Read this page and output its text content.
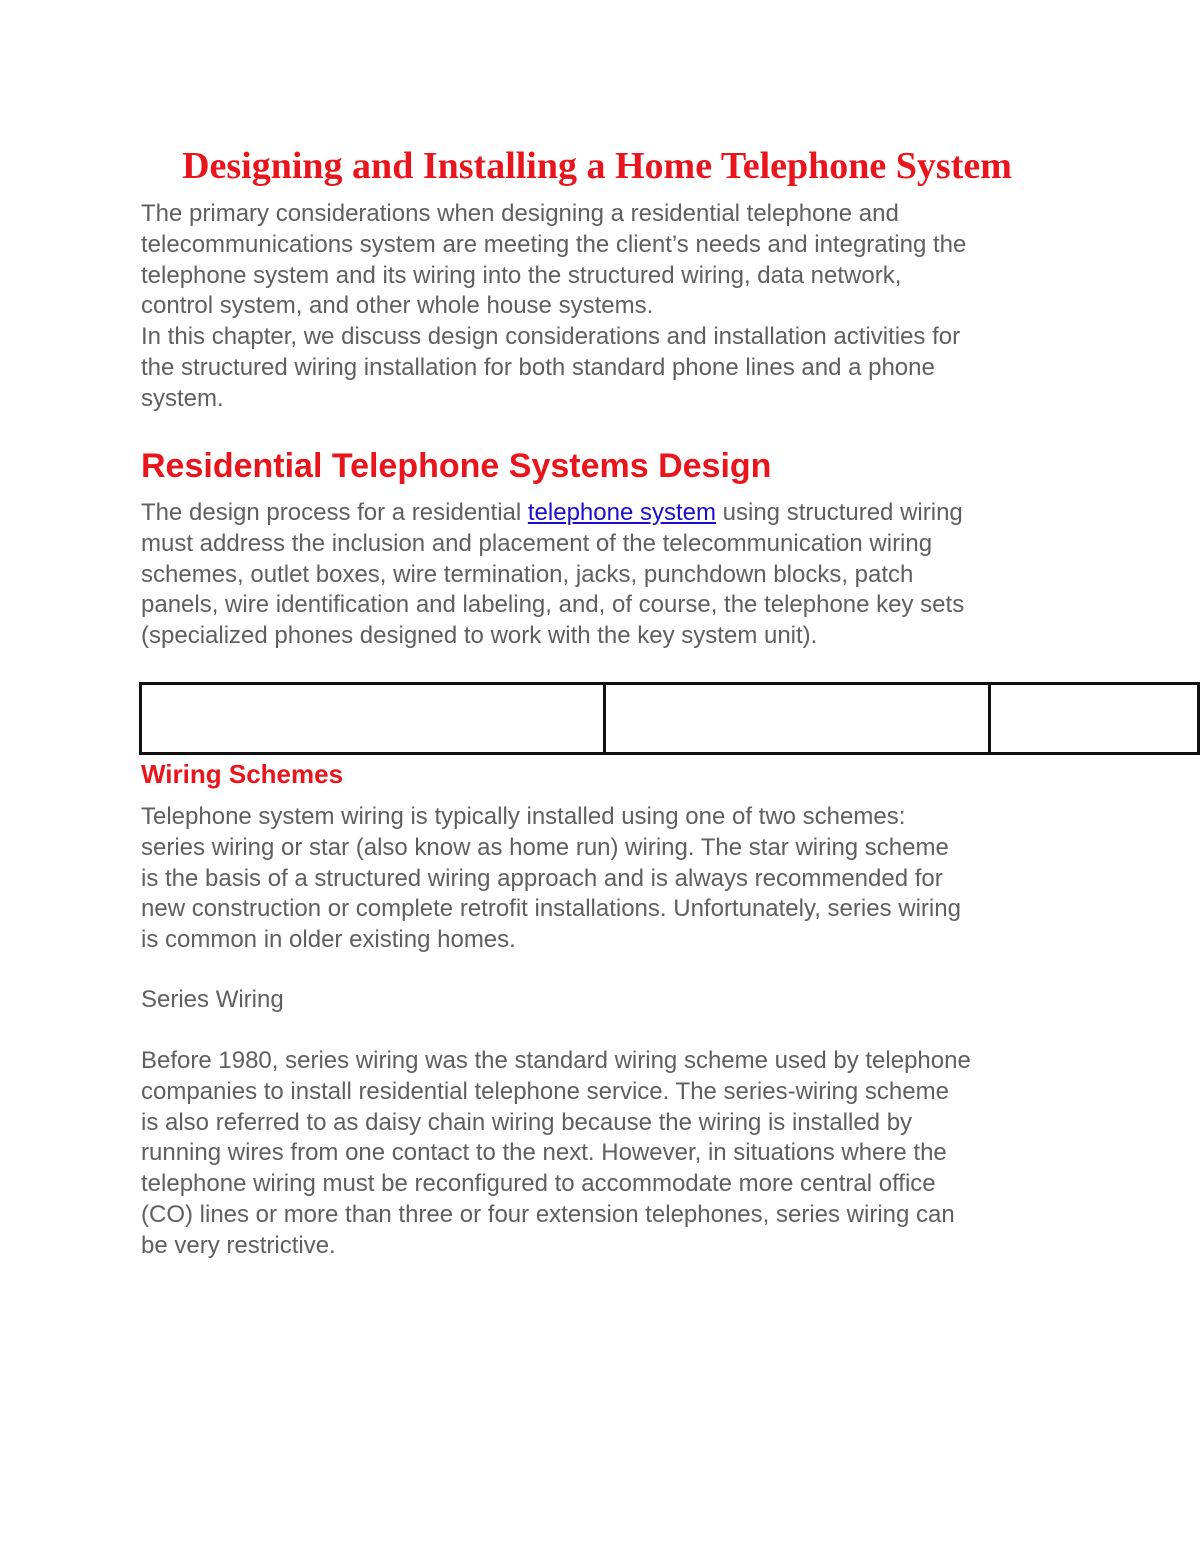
Designing and Installing a Home Telephone System
The primary considerations when designing a residential telephone and
telecommunications system are meeting the client’s needs and integrating the
telephone system and its wiring into the structured wiring, data network,
control system, and other whole house systems.
In this chapter, we discuss design considerations and installation activities for
the structured wiring installation for both standard phone lines and a phone
system.
Residential Telephone Systems Design
The design process for a residential telephone system using structured wiring
must address the inclusion and placement of the telecommunication wiring
schemes, outlet boxes, wire termination, jacks, punchdown blocks, patch
panels, wire identification and labeling, and, of course, the telephone key sets
(specialized phones designed to work with the key system unit).
Wiring Schemes
Telephone system wiring is typically installed using one of two schemes:
series wiring or star (also know as home run) wiring. The star wiring scheme
is the basis of a structured wiring approach and is always recommended for
new construction or complete retrofit installations. Unfortunately, series wiring
is common in older existing homes.
Series Wiring
Before 1980, series wiring was the standard wiring scheme used by telephone
companies to install residential telephone service. The series-wiring scheme
is also referred to as daisy chain wiring because the wiring is installed by
running wires from one contact to the next. However, in situations where the
telephone wiring must be reconfigured to accommodate more central office
(CO) lines or more than three or four extension telephones, series wiring can
be very restrictive.
